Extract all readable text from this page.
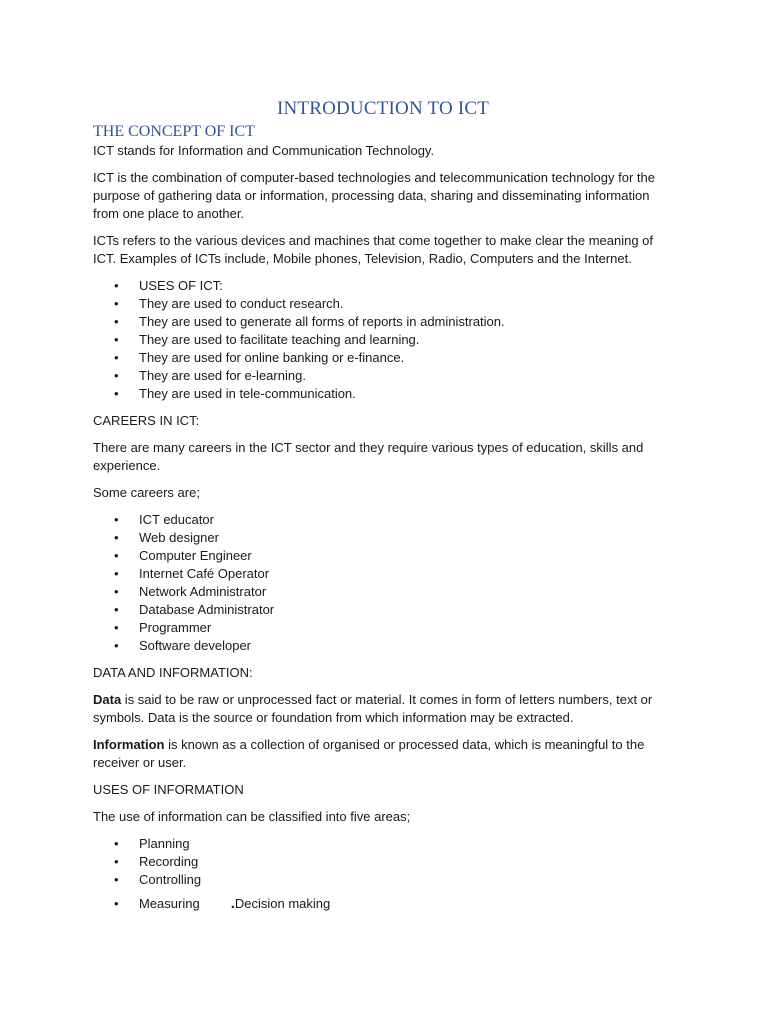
INTRODUCTION TO ICT
THE CONCEPT OF ICT

ICT stands for Information and Communication Technology.

ICT is the combination of computer-based technologies and telecommunication technology for the purpose of gathering data or information, processing data, sharing and disseminating information from one place to another.

ICTs refers to the various devices and machines that come together to make clear the meaning of ICT. Examples of ICTs include, Mobile phones, Television, Radio, Computers and the Internet.

• USES OF ICT:
• They are used to conduct research.
• They are used to generate all forms of reports in administration.
• They are used to facilitate teaching and learning.
• They are used for online banking or e-finance.
• They are used for e-learning.
• They are used in tele-communication.

CAREERS IN ICT:

There are many careers in the ICT sector and they require various types of education, skills and experience.

Some careers are;

• ICT educator
• Web designer
• Computer Engineer
• Internet Café Operator
• Network Administrator
• Database Administrator
• Programmer
• Software developer

DATA AND INFORMATION:

Data is said to be raw or unprocessed fact or material. It comes in form of letters numbers, text or symbols. Data is the source or foundation from which information may be extracted.

Information is known as a collection of organised or processed data, which is meaningful to the receiver or user.

USES OF INFORMATION

The use of information can be classified into five areas;

• Planning
• Recording
• Controlling
• Measuring
.	Decision making
